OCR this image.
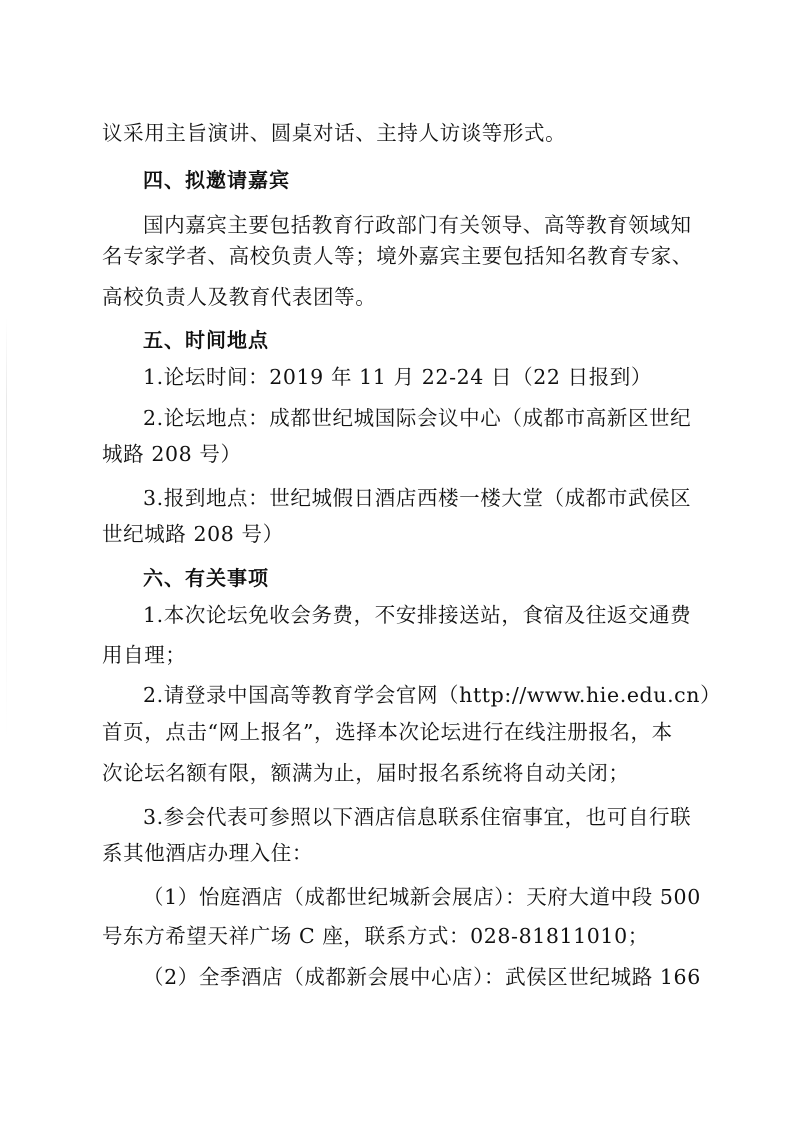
议采用主旨演讲、圆桌对话、主持人访谈等形式。
四、拟邀请嘉宾
国内嘉宾主要包括教育行政部门有关领导、高等教育领域知
名专家学者、高校负责人等；境外嘉宾主要包括知名教育专家、
高校负责人及教育代表团等。
五、时间地点
1.论坛时间：2019 年 11 月 22-24 日（22 日报到）
2.论坛地点：成都世纪城国际会议中心（成都市高新区世纪
城路 208 号）
3.报到地点：世纪城假日酒店西楼一楼大堂（成都市武侯区
世纪城路 208 号）
六、有关事项
1.本次论坛免收会务费，不安排接送站，食宿及往返交通费
用自理；
2.请登录中国高等教育学会官网（http://www.hie.edu.cn）
首页，点击“网上报名”，选择本次论坛进行在线注册报名，本
次论坛名额有限，额满为止，届时报名系统将自动关闭；
3.参会代表可参照以下酒店信息联系住宿事宜，也可自行联
系其他酒店办理入住：
（1）怡庭酒店（成都世纪城新会展店）：天府大道中段 500
号东方希望天祥广场 C 座，联系方式：028-81811010；
（2）全季酒店（成都新会展中心店）：武侯区世纪城路 166
